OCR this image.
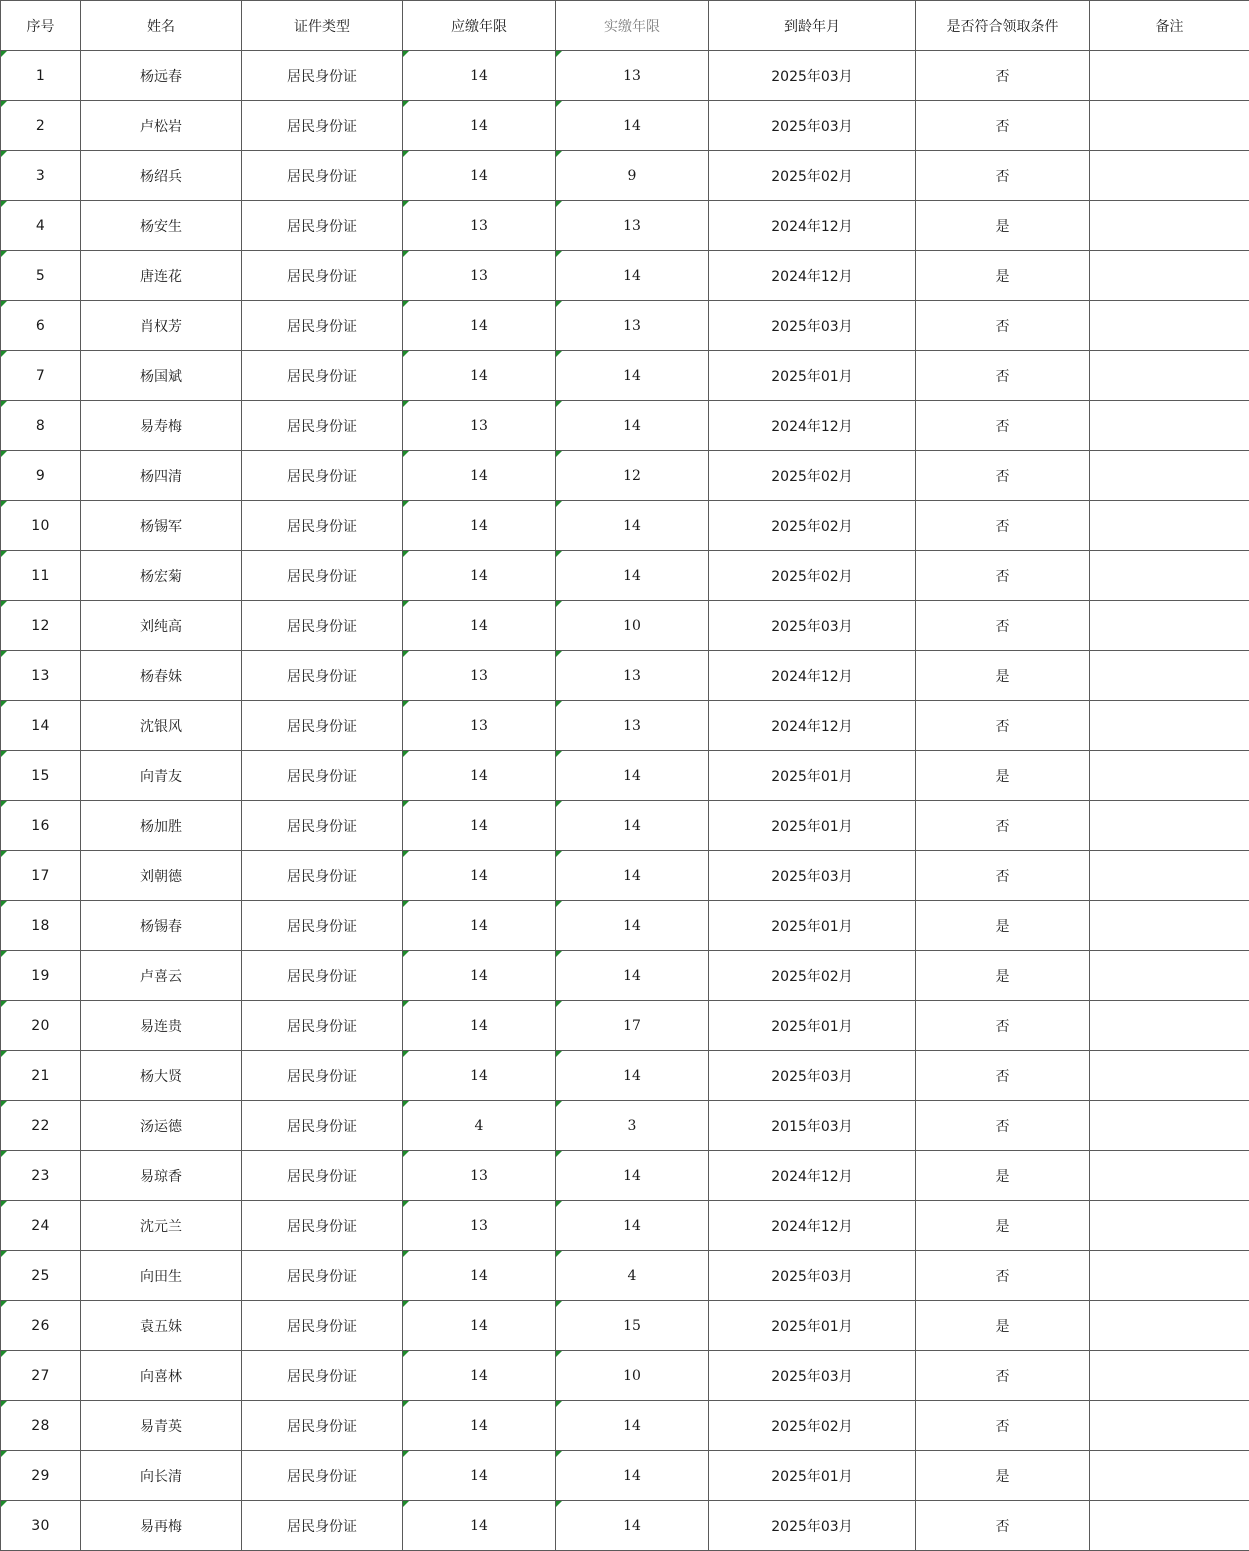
序号	姓名	证件类型	应缴年限	实缴年限	到龄年月	是否符合领取条件	备注
1	杨远春	居民身份证	14	13	2025年03月	否	
2	卢松岩	居民身份证	14	14	2025年03月	否	
3	杨绍兵	居民身份证	14	9	2025年02月	否	
4	杨安生	居民身份证	13	13	2024年12月	是	
5	唐连花	居民身份证	13	14	2024年12月	是	
6	肖权芳	居民身份证	14	13	2025年03月	否	
7	杨国斌	居民身份证	14	14	2025年01月	否	
8	易寿梅	居民身份证	13	14	2024年12月	否	
9	杨四清	居民身份证	14	12	2025年02月	否	
10	杨锡军	居民身份证	14	14	2025年02月	否	
11	杨宏菊	居民身份证	14	14	2025年02月	否	
12	刘纯高	居民身份证	14	10	2025年03月	否	
13	杨春妹	居民身份证	13	13	2024年12月	是	
14	沈银风	居民身份证	13	13	2024年12月	否	
15	向青友	居民身份证	14	14	2025年01月	是	
16	杨加胜	居民身份证	14	14	2025年01月	否	
17	刘朝德	居民身份证	14	14	2025年03月	否	
18	杨锡春	居民身份证	14	14	2025年01月	是	
19	卢喜云	居民身份证	14	14	2025年02月	是	
20	易连贵	居民身份证	14	17	2025年01月	否	
21	杨大贤	居民身份证	14	14	2025年03月	否	
22	汤运德	居民身份证	4	3	2015年03月	否	
23	易琼香	居民身份证	13	14	2024年12月	是	
24	沈元兰	居民身份证	13	14	2024年12月	是	
25	向田生	居民身份证	14	4	2025年03月	否	
26	袁五妹	居民身份证	14	15	2025年01月	是	
27	向喜林	居民身份证	14	10	2025年03月	否	
28	易青英	居民身份证	14	14	2025年02月	否	
29	向长清	居民身份证	14	14	2025年01月	是	
30	易再梅	居民身份证	14	14	2025年03月	否	
